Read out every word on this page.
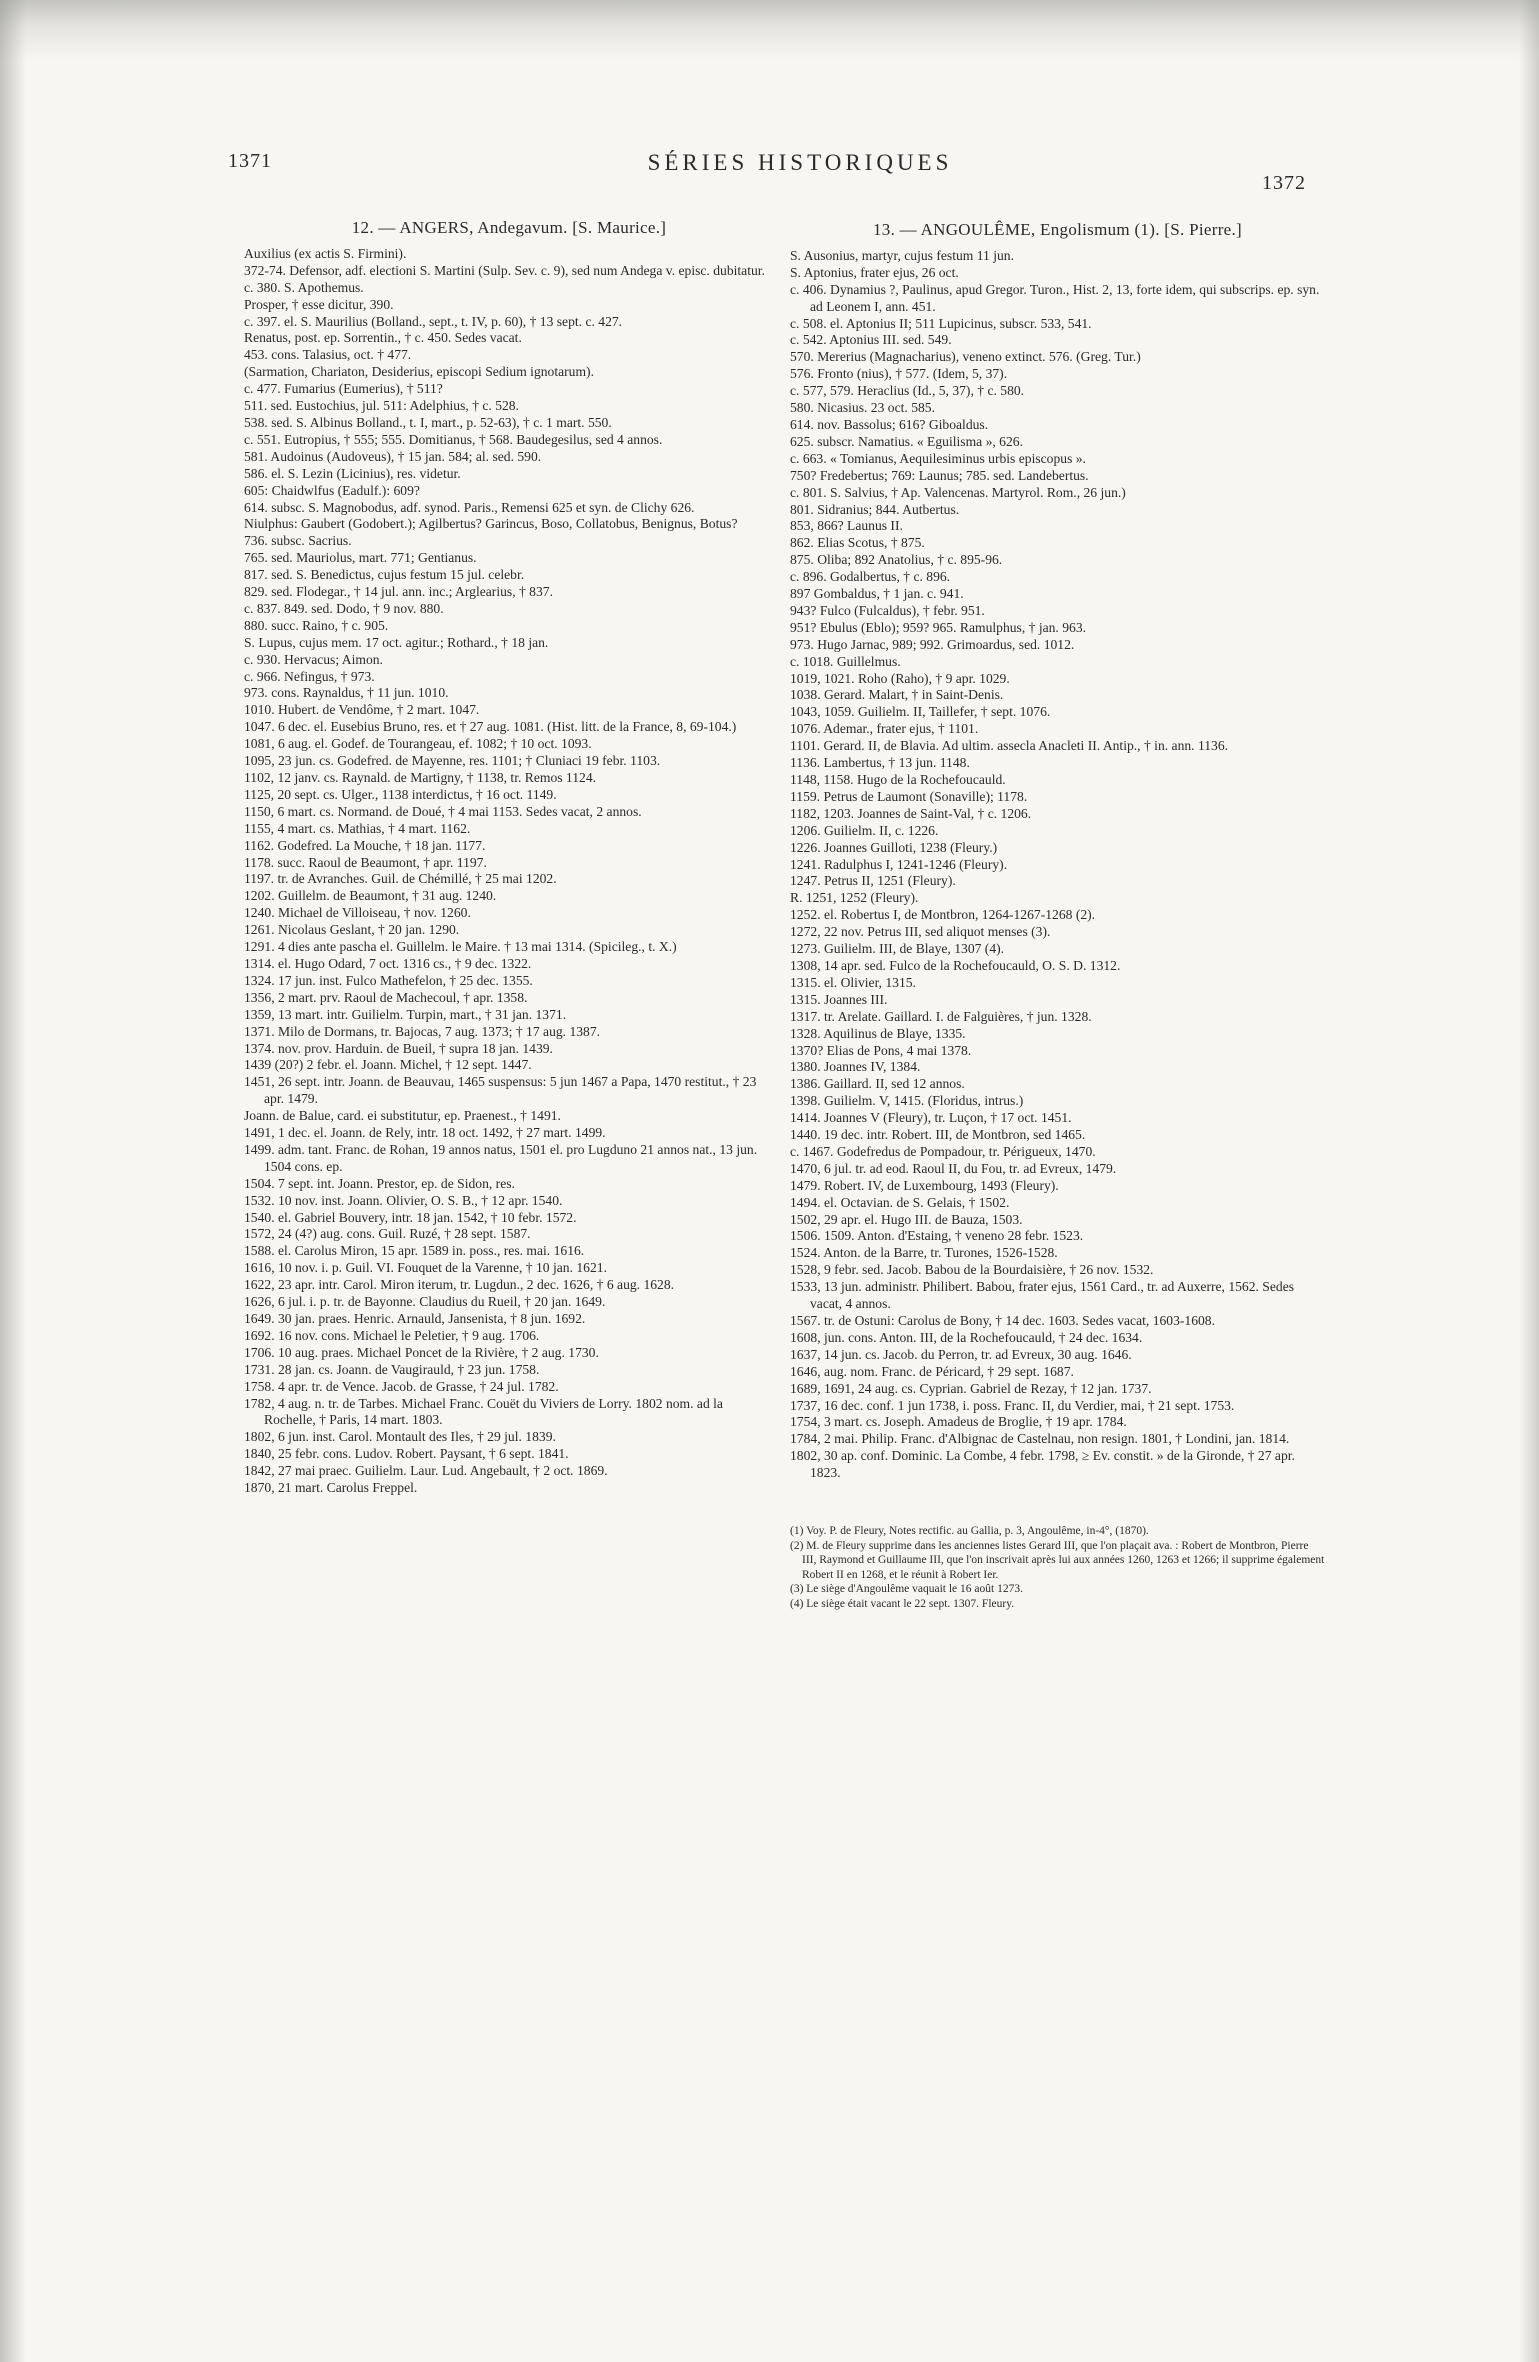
1371	SÉRIES HISTORIQUES
1372
12. — ANGERS, Andegavum. [S. Maurice.]
Auxilius (ex actis S. Firmini).
372-74. Defensor, adf. electioni S. Martini (Sulp. Sev. c. 9), sed num Andega v. episc. dubitatur.
c. 380. S. Apothemus.
Prosper, † esse dicitur, 390.
c. 397. el. S. Maurilius (Bolland., sept., t. IV, p. 60), † 13 sept. c. 427.
Renatus, post. ep. Sorrentin., † c. 450. Sedes vacat.
453. cons. Talasius, oct. † 477.
(Sarmation, Chariaton, Desiderius, episcopi Sedium ignotarum).
c. 477. Fumarius (Eumerius), † 511?
511. sed. Eustochius, jul. 511: Adelphius, † c. 528.
538. sed. S. Albinus Bolland., t. I, mart., p. 52-63), † c. 1 mart. 550.
c. 551. Eutropius, † 555; 555. Domitianus, † 568. Baudegesilus, sed 4 annos.
581. Audoinus (Audoveus), † 15 jan. 584; al. sed. 590.
586. el. S. Lezin (Licinius), res. videtur.
605: Chaidwlfus (Eadulf.): 609?
614. subsc. S. Magnobodus, adf. synod. Paris., Remensi 625 et syn. de Clichy 626.
Niulphus: Gaubert (Godobert.); Agilbertus? Garincus, Boso, Collatobus, Benignus, Botus?
736. subsc. Sacrius.
765. sed. Mauriolus, mart. 771; Gentianus.
817. sed. S. Benedictus, cujus festum 15 jul. celebr.
829. sed. Flodegar., † 14 jul. ann. inc.; Arglearius, † 837.
c. 837. 849. sed. Dodo, † 9 nov. 880.
880. succ. Raino, † c. 905.
S. Lupus, cujus mem. 17 oct. agitur.; Rothard., † 18 jan.
c. 930. Hervacus; Aimon.
c. 966. Nefingus, † 973.
973. cons. Raynaldus, † 11 jun. 1010.
1010. Hubert. de Vendôme, † 2 mart. 1047.
1047. 6 dec. el. Eusebius Bruno, res. et † 27 aug. 1081. (Hist. litt. de la France, 8, 69-104.)
1081, 6 aug. el. Godef. de Tourangeau, ef. 1082; † 10 oct. 1093.
1095, 23 jun. cs. Godefred. de Mayenne, res. 1101; † Cluniaci 19 febr. 1103.
1102, 12 janv. cs. Raynald. de Martigny, † 1138, tr. Remos 1124.
1125, 20 sept. cs. Ulger., 1138 interdictus, † 16 oct. 1149.
1150, 6 mart. cs. Normand. de Doué, † 4 mai 1153. Sedes vacat, 2 annos.
1155, 4 mart. cs. Mathias, † 4 mart. 1162.
1162. Godefred. La Mouche, † 18 jan. 1177.
1178. succ. Raoul de Beaumont, † apr. 1197.
1197. tr. de Avranches. Guil. de Chémillé, † 25 mai 1202.
1202. Guillelm. de Beaumont, † 31 aug. 1240.
1240. Michael de Villoiseau, † nov. 1260.
1261. Nicolaus Geslant, † 20 jan. 1290.
1291. 4 dies ante pascha el. Guillelm. le Maire. † 13 mai 1314. (Spicileg., t. X.)
1314. el. Hugo Odard, 7 oct. 1316 cs., † 9 dec. 1322.
1324. 17 jun. inst. Fulco Mathefelon, † 25 dec. 1355.
1356, 2 mart. prv. Raoul de Machecoul, † apr. 1358.
1359, 13 mart. intr. Guilielm. Turpin, mart., † 31 jan. 1371.
1371. Milo de Dormans, tr. Bajocas, 7 aug. 1373; † 17 aug. 1387.
1374. nov. prov. Harduin. de Bueil, † supra 18 jan. 1439.
1439 (20?) 2 febr. el. Joann. Michel, † 12 sept. 1447.
1451, 26 sept. intr. Joann. de Beauvau, 1465 suspensus: 5 jun 1467 a Papa, 1470 restitut., † 23 apr. 1479.
Joann. de Balue, card. ei substitutur, ep. Praenest., † 1491.
1491, 1 dec. el. Joann. de Rely, intr. 18 oct. 1492, † 27 mart. 1499.
1499. adm. tant. Franc. de Rohan, 19 annos natus, 1501 el. pro Lugduno 21 annos nat., 13 jun. 1504 cons. ep.
1504. 7 sept. int. Joann. Prestor, ep. de Sidon, res.
1532. 10 nov. inst. Joann. Olivier, O. S. B., † 12 apr. 1540.
1540. el. Gabriel Bouvery, intr. 18 jan. 1542, † 10 febr. 1572.
1572, 24 (4?) aug. cons. Guil. Ruzé, † 28 sept. 1587.
1588. el. Carolus Miron, 15 apr. 1589 in. poss., res. mai. 1616.
1616, 10 nov. i. p. Guil. VI. Fouquet de la Varenne, † 10 jan. 1621.
1622, 23 apr. intr. Carol. Miron iterum, tr. Lugdun., 2 dec. 1626, † 6 aug. 1628.
1626, 6 jul. i. p. tr. de Bayonne. Claudius du Rueil, † 20 jan. 1649.
1649. 30 jan. praes. Henric. Arnauld, Jansenista, † 8 jun. 1692.
1692. 16 nov. cons. Michael le Peletier, † 9 aug. 1706.
1706. 10 aug. praes. Michael Poncet de la Rivière, † 2 aug. 1730.
1731. 28 jan. cs. Joann. de Vaugirauld, † 23 jun. 1758.
1758. 4 apr. tr. de Vence. Jacob. de Grasse, † 24 jul. 1782.
1782, 4 aug. n. tr. de Tarbes. Michael Franc. Couët du Viviers de Lorry. 1802 nom. ad la Rochelle, † Paris, 14 mart. 1803.
1802, 6 jun. inst. Carol. Montault des Iles, † 29 jul. 1839.
1840, 25 febr. cons. Ludov. Robert. Paysant, † 6 sept. 1841.
1842, 27 mai praec. Guilielm. Laur. Lud. Angebault, † 2 oct. 1869.
1870, 21 mart. Carolus Freppel.
13. — ANGOULÊME, Engolismum (1). [S. Pierre.]
S. Ausonius, martyr, cujus festum 11 jun.
S. Aptonius, frater ejus, 26 oct.
c. 406. Dynamius ?, Paulinus, apud Gregor. Turon., Hist. 2, 13, forte idem, qui subscrips. ep. syn. ad Leonem I, ann. 451.
c. 508. el. Aptonius II; 511 Lupicinus, subscr. 533, 541.
c. 542. Aptonius III. sed. 549.
570. Mererius (Magnacharius), veneno extinct. 576. (Greg. Tur.)
576. Fronto (nius), † 577. (Idem, 5, 37).
c. 577, 579. Heraclius (Id., 5, 37), † c. 580.
580. Nicasius. 23 oct. 585.
614. nov. Bassolus; 616? Giboaldus.
625. subscr. Namatius. « Eguilisma », 626.
c. 663. « Tomianus, Aequilesiminus urbis episcopus ».
750? Fredebertus; 769: Launus; 785. sed. Landebertus.
c. 801. S. Salvius, † Ap. Valencenas. Martyrol. Rom., 26 jun.)
801. Sidranius; 844. Autbertus.
853, 866? Launus II.
862. Elias Scotus, † 875.
875. Oliba; 892 Anatolius, † c. 895-96.
c. 896. Godalbertus, † c. 896.
897 Gombaldus, † 1 jan. c. 941.
943? Fulco (Fulcaldus), † febr. 951.
951? Ebulus (Eblo); 959? 965. Ramulphus, † jan. 963.
973. Hugo Jarnac, 989; 992. Grimoardus, sed. 1012.
c. 1018. Guillelmus.
1019, 1021. Roho (Raho), † 9 apr. 1029.
1038. Gerard. Malart, † in Saint-Denis.
1043, 1059. Guilielm. II, Taillefer, † sept. 1076.
1076. Ademar., frater ejus, † 1101.
1101. Gerard. II, de Blavia. Ad ultim. assecla Anacleti II. Antip., † in. ann. 1136.
1136. Lambertus, † 13 jun. 1148.
1148, 1158. Hugo de la Rochefoucauld.
1159. Petrus de Laumont (Sonaville); 1178.
1182, 1203. Joannes de Saint-Val, † c. 1206.
1206. Guilielm. II, c. 1226.
1226. Joannes Guilloti, 1238 (Fleury.)
1241. Radulphus I, 1241-1246 (Fleury).
1247. Petrus II, 1251 (Fleury).
R. 1251, 1252 (Fleury).
1252. el. Robertus I, de Montbron, 1264-1267-1268 (2).
1272, 22 nov. Petrus III, sed aliquot menses (3).
1273. Guilielm. III, de Blaye, 1307 (4).
1308, 14 apr. sed. Fulco de la Rochefoucauld, O. S. D. 1312.
1315. el. Olivier, 1315.
1315. Joannes III.
1317. tr. Arelate. Gaillard. I. de Falguières, † jun. 1328.
1328. Aquilinus de Blaye, 1335.
1370? Elias de Pons, 4 mai 1378.
1380. Joannes IV, 1384.
1386. Gaillard. II, sed 12 annos.
1398. Guilielm. V, 1415. (Floridus, intrus.)
1414. Joannes V (Fleury), tr. Luçon, † 17 oct. 1451.
1440. 19 dec. intr. Robert. III, de Montbron, sed 1465.
c. 1467. Godefredus de Pompadour, tr. Périgueux, 1470.
1470, 6 jul. tr. ad eod. Raoul II, du Fou, tr. ad Evreux, 1479.
1479. Robert. IV, de Luxembourg, 1493 (Fleury).
1494. el. Octavian. de S. Gelais, † 1502.
1502, 29 apr. el. Hugo III. de Bauza, 1503.
1506. 1509. Anton. d'Estaing, † veneno 28 febr. 1523.
1524. Anton. de la Barre, tr. Turones, 1526-1528.
1528, 9 febr. sed. Jacob. Babou de la Bourdaisière, † 26 nov. 1532.
1533, 13 jun. administr. Philibert. Babou, frater ejus, 1561 Card., tr. ad Auxerre, 1562. Sedes vacat, 4 annos.
1567. tr. de Ostuni: Carolus de Bony, † 14 dec. 1603. Sedes vacat, 1603-1608.
1608, jun. cons. Anton. III, de la Rochefoucauld, † 24 dec. 1634.
1637, 14 jun. cs. Jacob. du Perron, tr. ad Evreux, 30 aug. 1646.
1646, aug. nom. Franc. de Péricard, † 29 sept. 1687.
1689, 1691, 24 aug. cs. Cyprian. Gabriel de Rezay, † 12 jan. 1737.
1737, 16 dec. conf. 1 jun 1738, i. poss. Franc. II, du Verdier, mai, † 21 sept. 1753.
1754, 3 mart. cs. Joseph. Amadeus de Broglie, † 19 apr. 1784.
1784, 2 mai. Philip. Franc. d'Albignac de Castelnau, non resign. 1801, † Londini, jan. 1814.
1802, 30 ap. conf. Dominic. La Combe, 4 febr. 1798, ≥ Ev. constit. » de la Gironde, † 27 apr. 1823.
(1) Voy. P. de Fleury, Notes rectific. au Gallia, p. 3, Angoulême, in-4°, (1870).
(2) M. de Fleury supprime dans les anciennes listes Gerard III, que l'on plaçait ava. : Robert de Montbron, Pierre III, Raymond et Guillaume III, que l'on inscrivait après lui aux années 1260, 1263 et 1266; il supprime également Robert II en 1268, et le réunit à Robert Ier.
(3) Le siège d'Angoulême vaquait le 16 août 1273.
(4) Le siège était vacant le 22 sept. 1307. Fleury.
